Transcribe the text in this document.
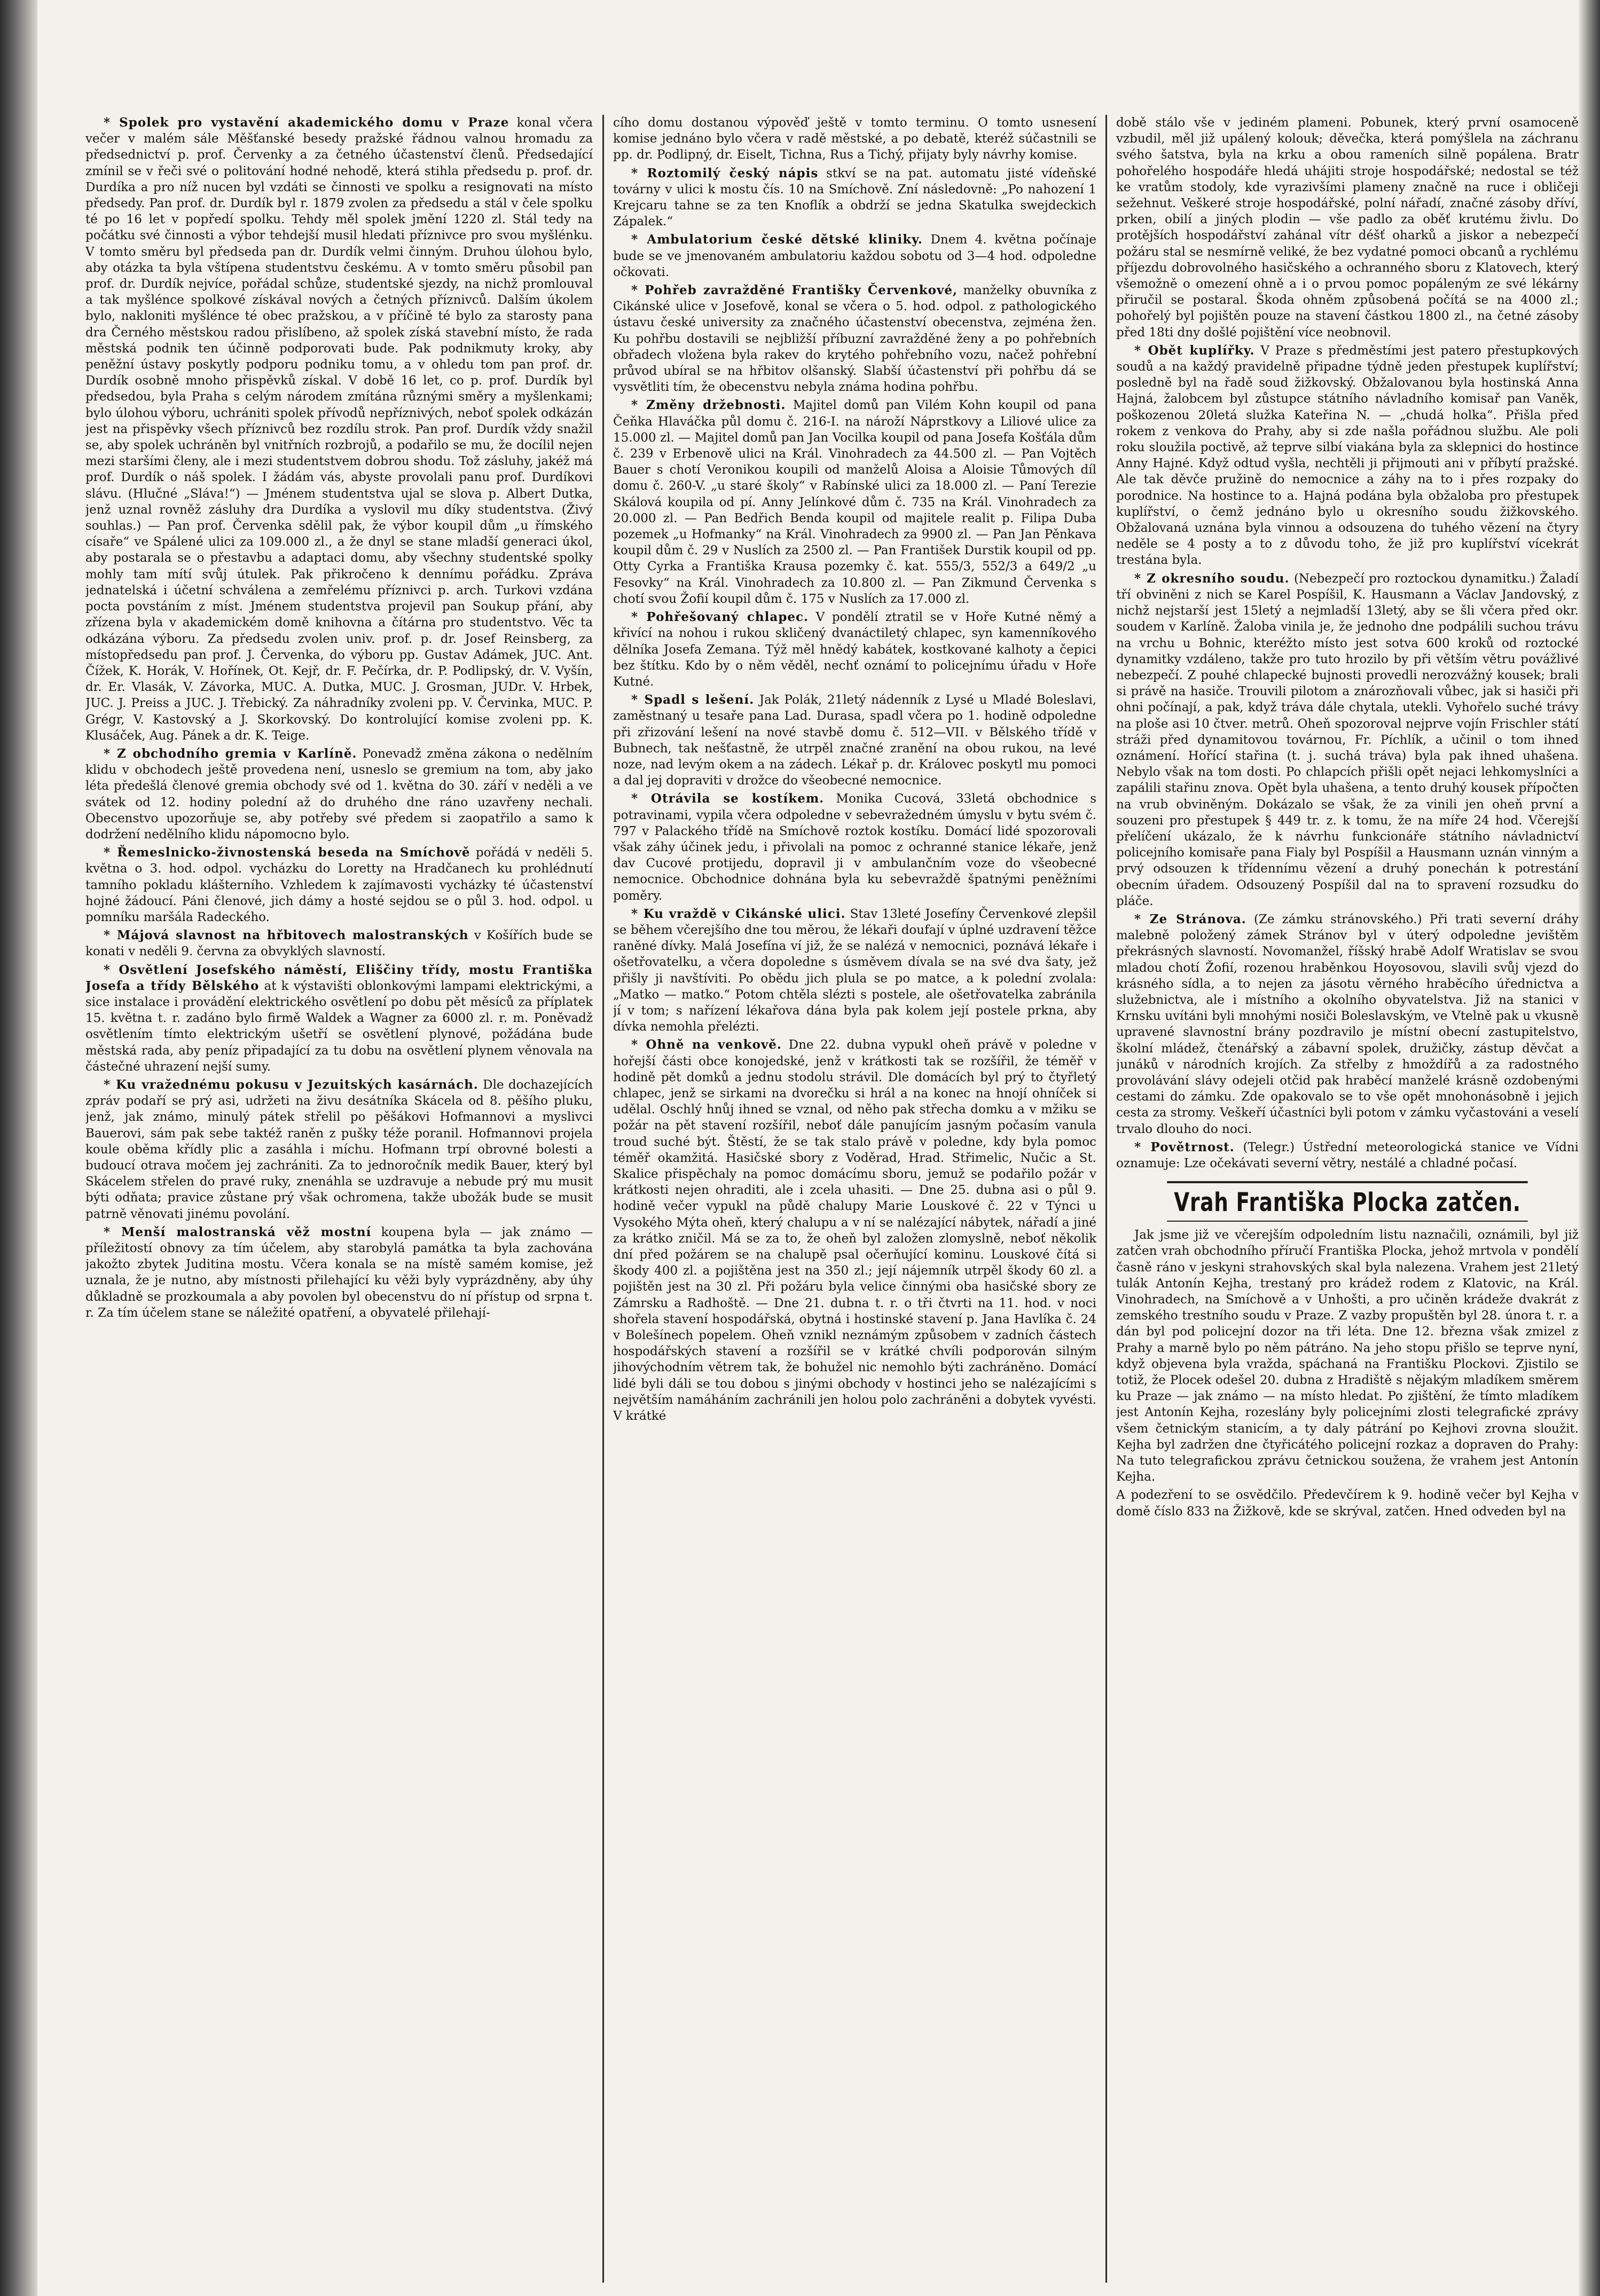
* Spolek pro vystavění akademického domu v Praze konal včera večer v malém sále Měšťanské besedy pražské řádnou valnou hromadu za předsednictví p. prof. Červenky a za četného účastenství členů. Předsedající zmínil se v řeči své o politování hodné nehodě, která stihla předsedu p. prof. dr. Durdíka a pro níž nucen byl vzdáti se činnosti ve spolku a resignovati na místo předsedy. Pan prof. dr. Durdík byl r. 1879 zvolen za předsedu a stál v čele spolku té po 16 let v popředí spolku. Tehdy měl spolek jmění 1220 zl. Stál tedy na počátku své činnosti a výbor tehdejší musil hledati příznivce pro svou myšlénku. V tomto směru byl předseda pan dr. Durdík velmi činným. Druhou úlohou bylo, aby otázka ta byla vštípena studentstvu českému. A v tomto směru působil pan prof. dr. Durdík nejvíce, pořádal schůze, studentské sjezdy, na nichž promlouval a tak myšlénce spolkové získával nových a četných příznivců. Dalším úkolem bylo, nakloniti myšlénce té obec pražskou, a v příčině té bylo za starosty pana dra Černého městskou radou přislíbeno, až spolek získá stavební místo, že rada městská podnik ten účinně podporovati bude. Pak podnikmuty kroky, aby peněžní ústavy poskytly podporu podniku tomu, a v ohledu tom pan prof. dr. Durdík osobně mnoho přispěvků získal. V době 16 let, co p. prof. Durdík byl předsedou, byla Praha s celým národem zmítána různými směry a myšlenkami; bylo úlohou výboru, uchrániti spolek přívodů nepříznivých, neboť spolek odkázán jest na přispěvky všech příznivců bez rozdílu strok. Pan prof. Durdík vždy snažil se, aby spolek uchráněn byl vnitřních rozbrojů, a podařilo se mu, že docílil nejen mezi staršími členy, ale i mezi studentstvem dobrou shodu. Tož zásluhy, jakéž má prof. Durdík o náš spolek. I žádám vás, abyste provolali panu prof. Durdíkovi slávu. (Hlučné „Sláva!“) — Jménem studentstva ujal se slova p. Albert Dutka, jenž uznal rovněž zásluhy dra Durdíka a vyslovil mu díky studentstva. (Živý souhlas.) — Pan prof. Červenka sdělil pak, že výbor koupil dům „u římského císaře“ ve Spálené ulici za 109.000 zl., a že dnyl se stane mladší generaci úkol, aby postarala se o přestavbu a adaptaci domu, aby všechny studentské spolky mohly tam mítí svůj útulek. Pak přikročeno k dennímu pořádku. Zpráva jednatelská i účetní schválena a zemřelému příznivci p. arch. Turkovi vzdána pocta povstáním z míst. Jménem studentstva projevil pan Soukup přání, aby zřízena byla v akademickém domě knihovna a čítárna pro studentstvo. Věc ta odkázána výboru. Za předsedu zvolen univ. prof. p. dr. Josef Reinsberg, za místopředsedu pan prof. J. Červenka, do výboru pp. Gustav Adámek, JUC. Ant. Čížek, K. Horák, V. Hořínek, Ot. Kejř, dr. F. Pečírka, dr. P. Podlipský, dr. V. Vyšín, dr. Er. Vlasák, V. Závorka, MUC. A. Dutka, MUC. J. Grosman, JUDr. V. Hrbek, JUC. J. Preiss a JUC. J. Třebický. Za náhradníky zvoleni pp. V. Červinka, MUC. P. Grégr, V. Kastovský a J. Skorkovský. Do kontrolující komise zvoleni pp. K. Klusáček, Aug. Pánek a dr. K. Teige.

* Z obchodního gremia v Karlíně. Ponevadž změna zákona o nedělním klidu v obchodech ještě provedena není, usneslo se gremium na tom, aby jako léta předešlá členové gremia obchody své od 1. května do 30. září v neděli a ve svátek od 12. hodiny polední až do druhého dne ráno uzavřeny nechali. Obecenstvo upozorňuje se, aby potřeby své předem si zaopatřilo a samo k dodržení nedělního klidu nápomocno bylo.

* Řemeslnicko-živnostenská beseda na Smíchově pořádá v neděli 5. května o 3. hod. odpol. vycházku do Loretty na Hradčanech ku prohlédnutí tamního pokladu klášterního. Vzhledem k zajímavosti vycházky té účastenství hojné žádoucí. Páni členové, jich dámy a hosté sejdou se o půl 3. hod. odpol. u pomníku maršála Radeckého.

* Májová slavnost na hřbitovech malostranských v Košířích bude se konati v neděli 9. června za obvyklých slavností.

* Osvětlení Josefského náměstí, Eliščiny třídy, mostu Františka Josefa a třídy Bělského at k výstavišti oblonkovými lampami elektrickými, a sice instalace i provádění elektrického osvětlení po dobu pět měsíců za příplatek 15. května t. r. zadáno bylo firmě Waldek a Wagner za 6000 zl. r. m. Poněvadž osvětlením tímto elektrickým ušetří se osvětlení plynové, požádána bude městská rada, aby peníz připadající za tu dobu na osvětlení plynem věnovala na částečné uhrazení nejší sumy.

* Ku vražednému pokusu v Jezuitských kasárnách. Dle dochazejících zpráv podaří se prý asi, udržeti na živu desátníka Skácela od 8. pěšího pluku, jenž, jak známo, minulý pátek střelil po pěšákovi Hofmannovi a myslivci Bauerovi, sám pak sebe taktéž raněn z pušky téže poranil. Hofmannovi projela koule oběma křídly plic a zasáhla i míchu. Hofmann trpí obrovné bolesti a budoucí otrava močem jej zachrániti. Za to jednoročník medik Bauer, který byl Skácelem střelen do pravé ruky, znenáhla se uzdravuje a nebude prý mu musit býti odňata; pravice zůstane prý však ochromena, takže ubožák bude se musit patrně věnovati jinému povolání.

* Menší malostranská věž mostní koupena byla — jak známo — příležitostí obnovy za tím účelem, aby starobylá památka ta byla zachována jakožto zbytek Juditina mostu. Včera konala se na místě samém komise, jež uznala, že je nutno, aby místnosti přilehající ku věži byly vyprázdněny, aby úhy důkladně se prozkoumala a aby povolen byl obecenstvu do ní přístup od srpna t. r. Za tím účelem stane se náležité opatření, a obyvatelé přilehají-

cího domu dostanou výpověď ještě v tomto terminu. O tomto usnesení komise jednáno bylo včera v radě městské, a po debatě, kteréž súčastnili se pp. dr. Podlipný, dr. Eiselt, Tichna, Rus a Tichý, přijaty byly návrhy komise.

* Roztomilý český nápis stkví se na pat. automatu jisté vídeňské továrny v ulici k mostu čís. 10 na Smíchově. Zní následovně: „Po nahození 1 Krejcaru tahne se za ten Knoflík a obdrží se jedna Skatulka swejdeckich Zápalek.“

* Ambulatorium české dětské kliniky. Dnem 4. května počínaje bude se ve jmenovaném ambulatoriu každou sobotu od 3—4 hod. odpoledne očkovati.

* Pohřeb zavražděné Františky Červenkové, manželky obuvníka z Cikánské ulice v Josefově, konal se včera o 5. hod. odpol. z pathologického ústavu české university za značného účastenství obecenstva, zejména žen. Ku pohřbu dostavili se nejbližší příbuzní zavražděné ženy a po pohřebních obřadech vložena byla rakev do krytého pohřebního vozu, načež pohřební průvod ubíral se na hřbitov olšanský. Slabší účastenství při pohřbu dá se vysvětliti tím, že obecenstvu nebyla známa hodina pohřbu.

* Změny držebnosti. Majitel domů pan Vilém Kohn koupil od pana Čeňka Hlaváčka půl domu č. 216-I. na nároží Náprstkovy a Liliové ulice za 15.000 zl. — Majitel domů pan Jan Vocilka koupil od pana Josefa Košťála dům č. 239 v Erbenově ulici na Král. Vinohradech za 44.500 zl. — Pan Vojtěch Bauer s chotí Veronikou koupili od manželů Aloisa a Aloisie Tůmových díl domu č. 260-V. „u staré školy“ v Rabínské ulici za 18.000 zl. — Paní Terezie Skálová koupila od pí. Anny Jelínkové dům č. 735 na Král. Vinohradech za 20.000 zl. — Pan Bedřich Benda koupil od majitele realit p. Filipa Duba pozemek „u Hofmanky“ na Král. Vinohradech za 9900 zl. — Pan Jan Pěnkava koupil dům č. 29 v Nuslích za 2500 zl. — Pan František Durstik koupil od pp. Otty Cyrka a Františka Krausa pozemky č. kat. 555/3, 552/3 a 649/2 „u Fesovky“ na Král. Vinohradech za 10.800 zl. — Pan Zikmund Červenka s chotí svou Žofií koupil dům č. 175 v Nuslích za 17.000 zl.

* Pohřešovaný chlapec. V pondělí ztratil se v Hoře Kutné němý a křivící na nohou i rukou skličený dvanáctiletý chlapec, syn kamenníkového dělníka Josefa Zemana. Týž měl hnědý kabátek, kostkované kalhoty a čepici bez štítku. Kdo by o něm věděl, nechť oznámí to policejnímu úřadu v Hoře Kutné.

* Spadl s lešení. Jak Polák, 21letý nádenník z Lysé u Mladé Boleslavi, zaměstnaný u tesaře pana Lad. Durasa, spadl včera po 1. hodině odpoledne při zřizování lešení na nové stavbě domu č. 512—VII. v Bělského třídě v Bubnech, tak nešťastně, že utrpěl značné zranění na obou rukou, na levé noze, nad levým okem a na zádech. Lékař p. dr. Královec poskytl mu pomoci a dal jej dopraviti v drožce do všeobecné nemocnice.

* Otrávila se kostíkem. Monika Cucová, 33letá obchodnice s potravinami, vypila včera odpoledne v sebevražedném úmyslu v bytu svém č. 797 v Palackého třídě na Smíchově roztok kostíku. Domácí lidé spozorovali však záhy účinek jedu, i přivolali na pomoc z ochranné stanice lékaře, jenž dav Cucové protijedu, dopravil ji v ambulančním voze do všeobecné nemocnice. Obchodnice dohnána byla ku sebevraždě špatnými peněžními poměry.

* Ku vraždě v Cikánské ulici. Stav 13leté Josefíny Červenkové zlepšil se během včerejšího dne tou měrou, že lékaři doufají v úplné uzdravení těžce raněné dívky. Malá Josefína ví již, že se nalézá v nemocnici, poznává lékaře i ošetřovatelku, a včera dopoledne s úsměvem dívala se na své dva šaty, jež přišly ji navštíviti. Po obědu jich plula se po matce, a k polední zvolala: „Matko — matko.“ Potom chtěla slézti s postele, ale ošetřovatelka zabránila jí v tom; s nařízení lékařova dána byla pak kolem její postele prkna, aby dívka nemohla přelézti.

* Ohně na venkově. Dne 22. dubna vypukl oheň právě v poledne v hořejší části obce konojedské, jenž v krátkosti tak se rozšířil, že téměř v hodině pět domků a jednu stodolu strávil. Dle domácích byl prý to čtyřletý chlapec, jenž se sirkami na dvorečku si hrál a na konec na hnojí ohníček si udělal. Oschlý hnůj ihned se vznal, od něho pak střecha domku a v mžiku se požár na pět stavení rozšířil, neboť dále panujícím jasným počasím vanula troud suché být. Štěstí, že se tak stalo právě v poledne, kdy byla pomoc téměř okamžitá. Hasičské sbory z Voděrad, Hrad. Střimelic, Nučic a St. Skalice přispěchaly na pomoc domácímu sboru, jemuž se podařilo požár v krátkosti nejen ohraditi, ale i zcela uhasiti. — Dne 25. dubna asi o půl 9. hodině večer vypukl na půdě chalupy Marie Louskové č. 22 v Týnci u Vysokého Mýta oheň, který chalupu a v ní se nalézající nábytek, nářadí a jiné za krátko zničil. Má se za to, že oheň byl založen zlomyslně, neboť několik dní před požárem se na chalupě psal očerňující kominu. Louskové čítá si škody 400 zl. a pojištěna jest na 350 zl.; její nájemník utrpěl škody 60 zl. a pojištěn jest na 30 zl. Při požáru byla velice činnými oba hasičské sbory ze Zámrsku a Radhoště. — Dne 21. dubna t. r. o tři čtvrti na 11. hod. v noci shořela stavení hospodářská, obytná i hostinské stavení p. Jana Havlíka č. 24 v Bolešínech popelem. Oheň vznikl neznámým způsobem v zadních částech hospodářských stavení a rozšířil se v krátké chvíli podporován silným jihovýchodním větrem tak, že bohužel nic nemohlo býti zachráněno. Domácí lidé byli dáli se tou dobou s jinými obchody v hostinci jeho se nalézajícími s největším namáháním zachránili jen holou polo zachráněni a dobytek vyvésti. V krátké

době stálo vše v jediném plameni. Pobunek, který první osamoceně vzbudil, měl již upálený kolouk; děvečka, která pomýšlela na záchranu svého šatstva, byla na krku a obou rameních silně popálena. Bratr pohořelého hospodáře hledá uhájiti stroje hospodářské; nedostal se též ke vratům stodoly, kde vyrazivšími plameny značně na ruce i obličeji sežehnut. Veškeré stroje hospodářské, polní nářadí, značné zásoby dříví, prken, obilí a jiných plodin — vše padlo za oběť krutému živlu. Do protějších hospodářství zahánal vítr déšť oharků a jiskor a nebezpečí požáru stal se nesmírně veliké, že bez vydatné pomoci obcanů a rychlému příjezdu dobrovolného hasičského a ochranného sboru z Klatovech, který všemožně o omezení ohně a i o prvou pomoc popáleným ze své lékárny přiručil se postaral. Škoda ohněm způsobená počítá se na 4000 zl.; pohořelý byl pojištěn pouze na stavení částkou 1800 zl., na četné zásoby před 18ti dny došlé pojištění více neobnovil.

* Obět kuplířky. V Praze s předměstími jest patero přestupkových soudů a na každý pravidelně připadne týdně jeden přestupek kuplířství; posledně byl na řadě soud žižkovský. Obžalovanou byla hostinská Anna Hajná, žalobcem byl zůstupce státního návladního komisař pan Vaněk, poškozenou 20letá služka Kateřina N. — „chudá holka“. Přišla před rokem z venkova do Prahy, aby si zde našla pořádnou službu. Ale poli roku sloužila poctivě, až teprve silbí viakána byla za sklepnici do hostince Anny Hajné. Když odtud vyšla, nechtěli ji přijmouti ani v příbytí pražské. Ale tak děvče pružině do nemocnice a záhy na to i přes rozpaky do porodnice. Na hostince to a. Hajná podána byla obžaloba pro přestupek kuplířství, o čemž jednáno bylo u okresního soudu žižkovského. Obžalovaná uznána byla vinnou a odsouzena do tuhého vězení na čtyry neděle se 4 posty a to z důvodu toho, že již pro kuplířství vícekrát trestána byla.

* Z okresního soudu. (Nebezpečí pro roztockou dynamitku.) Žaladí tří obviněni z nich se Karel Pospíšil, K. Hausmann a Václav Jandovský, z nichž nejstarší jest 15letý a nejmladší 13letý, aby se šli včera před okr. soudem v Karlíně. Žaloba vinila je, že jednoho dne podpálili suchou trávu na vrchu u Bohnic, kteréžto místo jest sotva 600 kroků od roztocké dynamitky vzdáleno, takže pro tuto hrozilo by při větším větru povážlivé nebezpečí. Z pouhé chlapecké bujnosti provedli nerozvážný kousek; brali si právě na hasiče. Trouvili pilotom a znározňovali vůbec, jak si hasiči při ohni počínají, a pak, když tráva dále chytala, utekli. Vyhořelo suché trávy na ploše asi 10 čtver. metrů. Oheň spozoroval nejprve vojín Frischler státí stráži před dynamitovou továrnou, Fr. Píchlík, a učinil o tom ihned oznámení. Hořící stařina (t. j. suchá tráva) byla pak ihned uhašena. Nebylo však na tom dosti. Po chlapcích přišli opět nejaci lehkomyslníci a zapálili stařinu znova. Opět byla uhašena, a tento druhý kousek přípočten na vrub obviněným. Dokázalo se však, že za vinili jen oheň první a souzeni pro přestupek § 449 tr. z. k tomu, že na míře 24 hod. Včerejší přelíčení ukázalo, že k návrhu funkcionáře státního návladnictví policejního komisaře pana Fialy byl Pospíšil a Hausmann uznán vinným a prvý odsouzen k třídennímu vězení a druhý ponechán k potrestání obecním úřadem. Odsouzený Pospíšil dal na to spravení rozsudku do pláče.

* Ze Stránova. (Ze zámku stránovského.) Při trati severní dráhy malebně položený zámek Stránov byl v úterý odpoledne jevištěm překrásných slavností. Novomanžel, říšský hrabě Adolf Wratislav se svou mladou chotí Žofií, rozenou hraběnkou Hoyosovou, slavili svůj vjezd do krásného sídla, a to nejen za jásotu věrného hraběcího úřednictva a služebnictva, ale i místního a okolního obyvatelstva. Již na stanici v Krnsku uvítáni byli mnohými nosiči Boleslavským, ve Vtelně pak u vkusně upravené slavnostní brány pozdravilo je místní obecní zastupitelstvo, školní mládež, čtenářský a zábavní spolek, družičky, zástup děvčat a junáků v národních krojích. Za střelby z hmoždířů a za radostného provolávání slávy odejeli otčid pak hraběcí manželé krásně ozdobenými cestami do zámku. Zde opakovalo se to vše opět mnohonásobně i jejich cesta za stromy. Veškeří účastníci byli potom v zámku vyčastováni a veselí trvalo dlouho do noci.

* Povětrnost. (Telegr.) Ústřední meteorologická stanice ve Vídni oznamuje: Lze očekávati severní větry, nestálé a chladné počasí.

Vrah Františka Plocka zatčen.

Jak jsme již ve včerejším odpoledním listu naznačili, oznámili, byl již zatčen vrah obchodního příručí Františka Plocka, jehož mrtvola v pondělí časně ráno v jeskyni strahovských skal byla nalezena. Vrahem jest 21letý tulák Antonín Kejha, trestaný pro krádež rodem z Klatovic, na Král. Vinohradech, na Smíchově a v Unhošti, a pro učiněn krádeže dvakrát z zemského trestního soudu v Praze. Z vazby propuštěn byl 28. února t. r. a dán byl pod policejní dozor na tři léta. Dne 12. března však zmizel z Prahy a marně bylo po něm pátráno. Na jeho stopu přišlo se teprve nyní, když objevena byla vražda, spáchaná na Františku Plockovi. Zjistilo se totiž, že Plocek odešel 20. dubna z Hradiště s nějakým mladíkem směrem ku Praze — jak známo — na místo hledat. Po zjištění, že tímto mladíkem jest Antonín Kejha, rozeslány byly policejními zlosti telegrafické zprávy všem četnickým stanicím, a ty daly pátrání po Kejhovi zrovna sloužit. Kejha byl zadržen dne čtyřicátého policejní rozkaz a dopraven do Prahy: Na tuto telegrafickou zprávu četnickou soužena, že vrahem jest Antonín Kejha.

A podezření to se osvědčilo. Předevčírem k 9. hodině večer byl Kejha v domě číslo 833 na Žižkově, kde se skrýval, zatčen. Hned odveden byl na
